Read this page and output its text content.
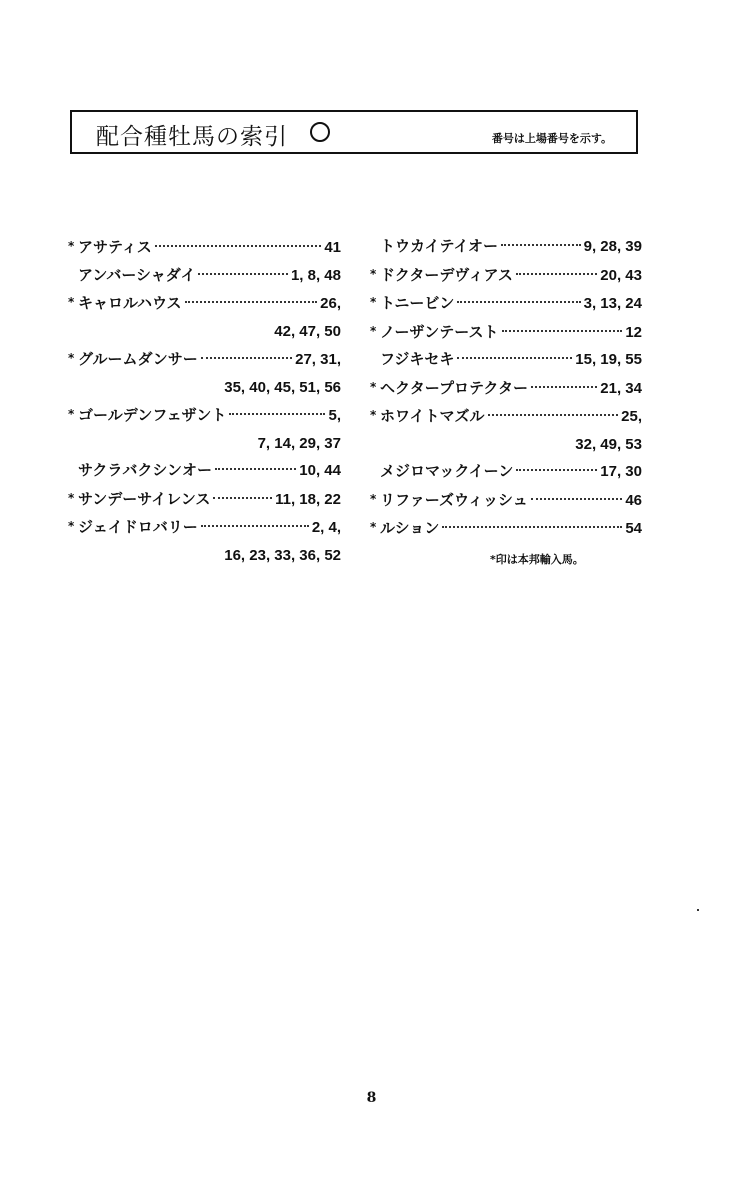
配合種牡馬の索引	番号は上場番号を示す。
* アサティス	41
アンバーシャダイ	1, 8, 48
* キャロルハウス	26,
42, 47, 50
* グルームダンサー	27, 31,
35, 40, 45, 51, 56
* ゴールデンフェザント	5,
7, 14, 29, 37
サクラバクシンオー	10, 44
* サンデーサイレンス	11, 18, 22
* ジェイドロバリー	2, 4,
16, 23, 33, 36, 52
トウカイテイオー	9, 28, 39
* ドクターデヴィアス	20, 43
* トニービン	3, 13, 24
* ノーザンテースト	12
フジキセキ	15, 19, 55
* ヘクタープロテクター	21, 34
* ホワイトマズル	25,
32, 49, 53
メジロマックイーン	17, 30
* リファーズウィッシュ	46
* ルション	54
*印は本邦輸入馬。
8
